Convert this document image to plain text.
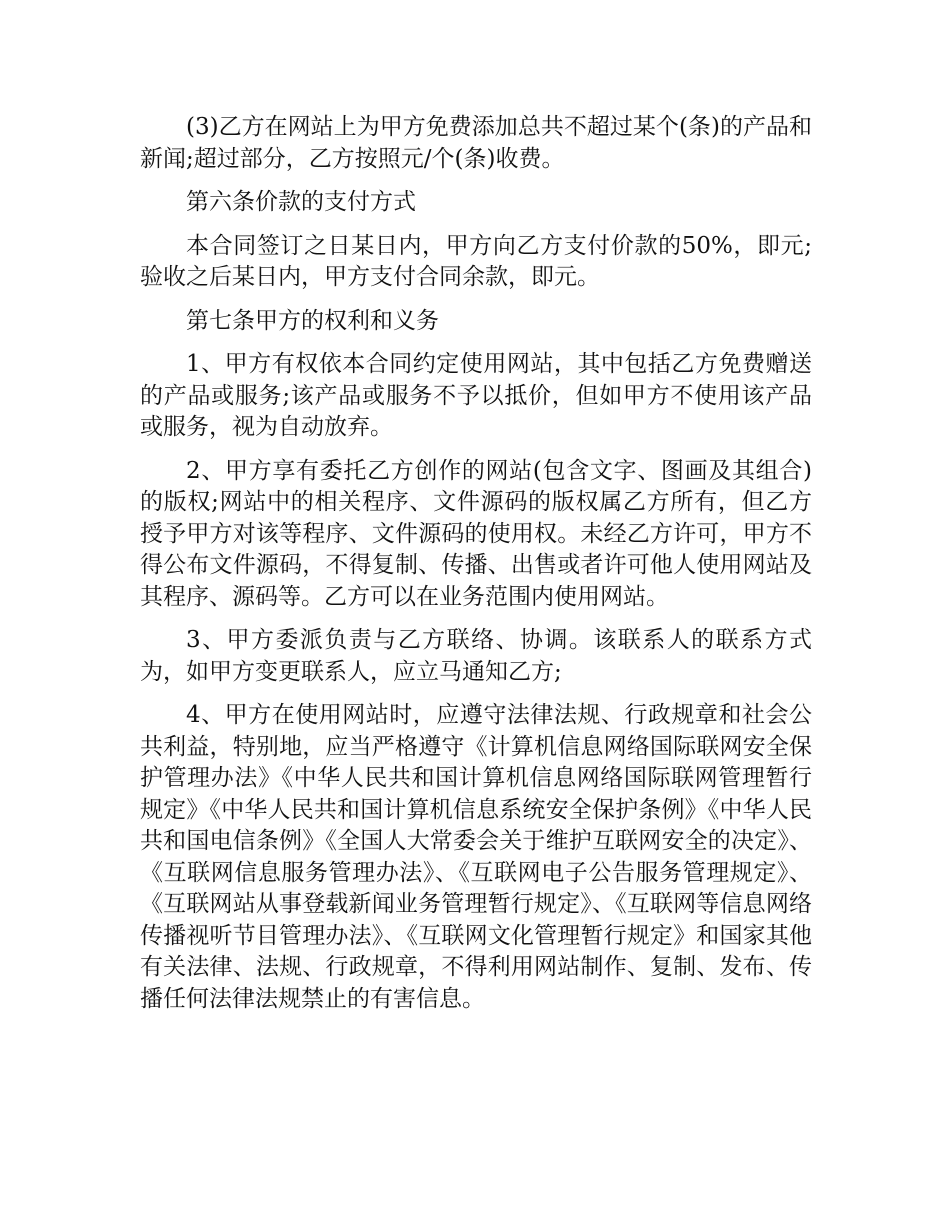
(3)乙方在网站上为甲方免费添加总共不超过某个(条)的产品和新闻;超过部分，乙方按照元/个(条)收费。

第六条价款的支付方式

本合同签订之日某日内，甲方向乙方支付价款的50%，即元;验收之后某日内，甲方支付合同余款，即元。

第七条甲方的权利和义务

1、甲方有权依本合同约定使用网站，其中包括乙方免费赠送的产品或服务;该产品或服务不予以抵价，但如甲方不使用该产品或服务，视为自动放弃。

2、甲方享有委托乙方创作的网站(包含文字、图画及其组合)的版权;网站中的相关程序、文件源码的版权属乙方所有，但乙方授予甲方对该等程序、文件源码的使用权。未经乙方许可，甲方不得公布文件源码，不得复制、传播、出售或者许可他人使用网站及其程序、源码等。乙方可以在业务范围内使用网站。

3、甲方委派负责与乙方联络、协调。该联系人的联系方式为，如甲方变更联系人，应立马通知乙方;

4、甲方在使用网站时，应遵守法律法规、行政规章和社会公共利益，特别地，应当严格遵守《计算机信息网络国际联网安全保护管理办法》《中华人民共和国计算机信息网络国际联网管理暂行规定》《中华人民共和国计算机信息系统安全保护条例》《中华人民共和国电信条例》《全国人大常委会关于维护互联网安全的决定》、《互联网信息服务管理办法》、《互联网电子公告服务管理规定》、《互联网站从事登载新闻业务管理暂行规定》、《互联网等信息网络传播视听节目管理办法》、《互联网文化管理暂行规定》和国家其他有关法律、法规、行政规章，不得利用网站制作、复制、发布、传播任何法律法规禁止的有害信息。
